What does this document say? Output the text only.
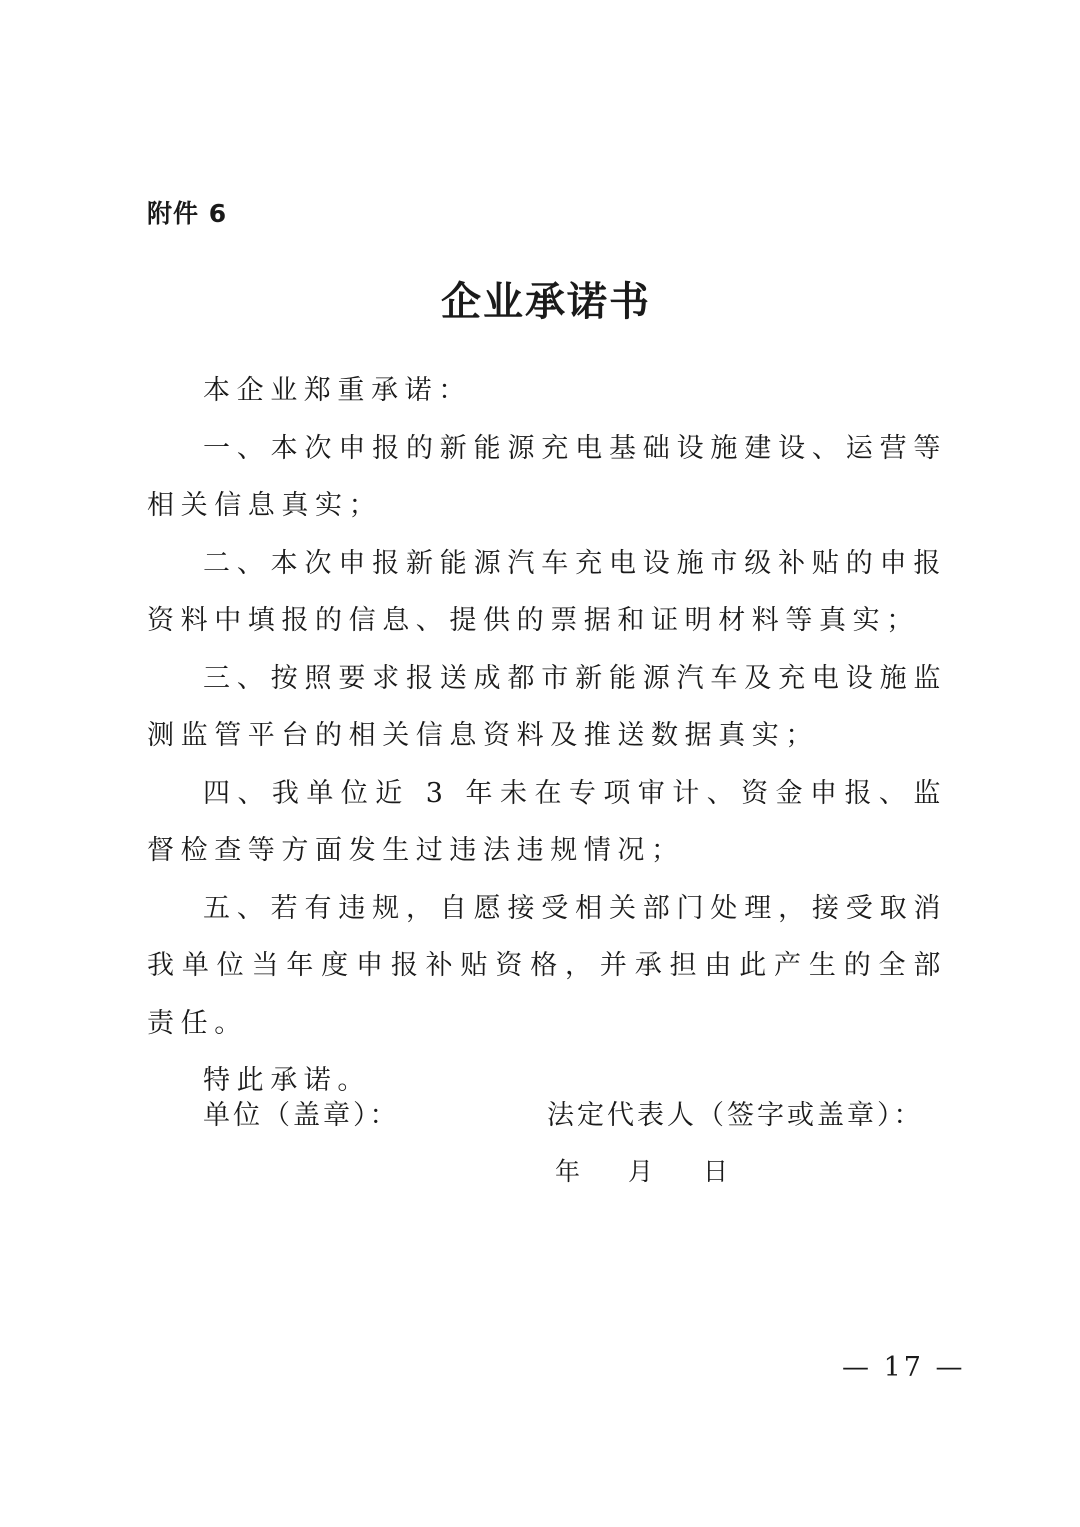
附件 6
企业承诺书

本企业郑重承诺：

一、本次申报的新能源充电基础设施建设、运营等相关信息真实；

二、本次申报新能源汽车充电设施市级补贴的申报资料中填报的信息、提供的票据和证明材料等真实；

三、按照要求报送成都市新能源汽车及充电设施监测监管平台的相关信息资料及推送数据真实；

四、我单位近 3 年未在专项审计、资金申报、监督检查等方面发生过违法违规情况；

五、若有违规，自愿接受相关部门处理，接受取消我单位当年度申报补贴资格，并承担由此产生的全部责任。

特此承诺。

单位（盖章）：	法定代表人（签字或盖章）：
年 月 日
— 17 —
